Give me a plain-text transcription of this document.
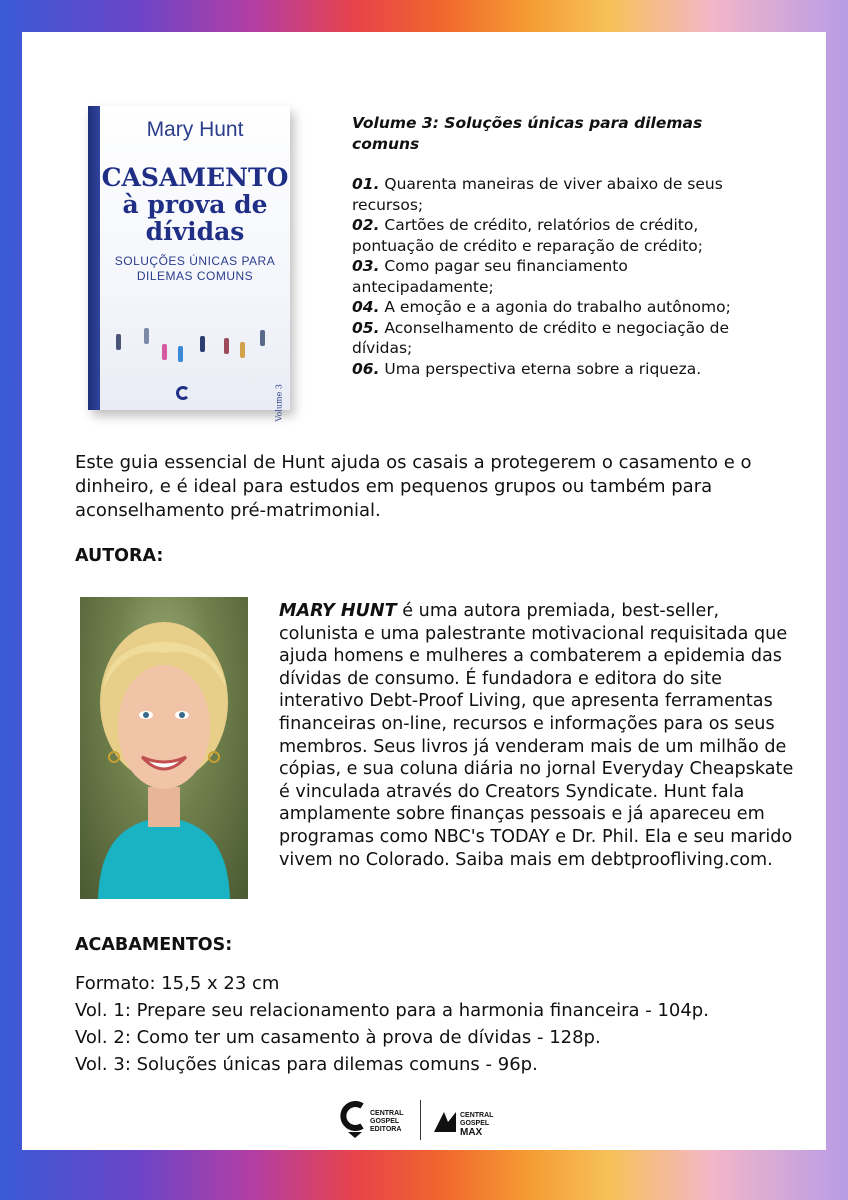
Mary Hunt
CASAMENTO
à prova de
dívidas
SOLUÇÕES ÚNICAS PARA
DILEMAS COMUNS
Volume 3
Volume 3: Soluções únicas para dilemas comuns
01. Quarenta maneiras de viver abaixo de seus recursos;
02. Cartões de crédito, relatórios de crédito, pontuação de crédito e reparação de crédito;
03. Como pagar seu financiamento antecipadamente;
04. A emoção e a agonia do trabalho autônomo;
05. Aconselhamento de crédito e negociação de dívidas;
06. Uma perspectiva eterna sobre a riqueza.
Este guia essencial de Hunt ajuda os casais a protegerem o casamento e o dinheiro, e é ideal para estudos em pequenos grupos ou também para aconselhamento pré-matrimonial.
AUTORA:
MARY HUNT é uma autora premiada, best-seller, colunista e uma palestrante motivacional requisitada que ajuda homens e mulheres a combaterem a epidemia das dívidas de consumo. É fundadora e editora do site interativo Debt-Proof Living, que apresenta ferramentas financeiras on-line, recursos e informações para os seus membros. Seus livros já venderam mais de um milhão de cópias, e sua coluna diária no jornal Everyday Cheapskate é vinculada através do Creators Syndicate. Hunt fala amplamente sobre finanças pessoais e já apareceu em programas como NBC's TODAY e Dr. Phil. Ela e seu marido vivem no Colorado. Saiba mais em debtproofliving.com.
ACABAMENTOS:
Formato: 15,5 x 23 cm
Vol. 1: Prepare seu relacionamento para a harmonia financeira - 104p.
Vol. 2: Como ter um casamento à prova de dívidas - 128p.
Vol. 3: Soluções únicas para dilemas comuns - 96p.
CENTRAL
GOSPEL
EDITORA
CENTRAL
GOSPEL
MAX
